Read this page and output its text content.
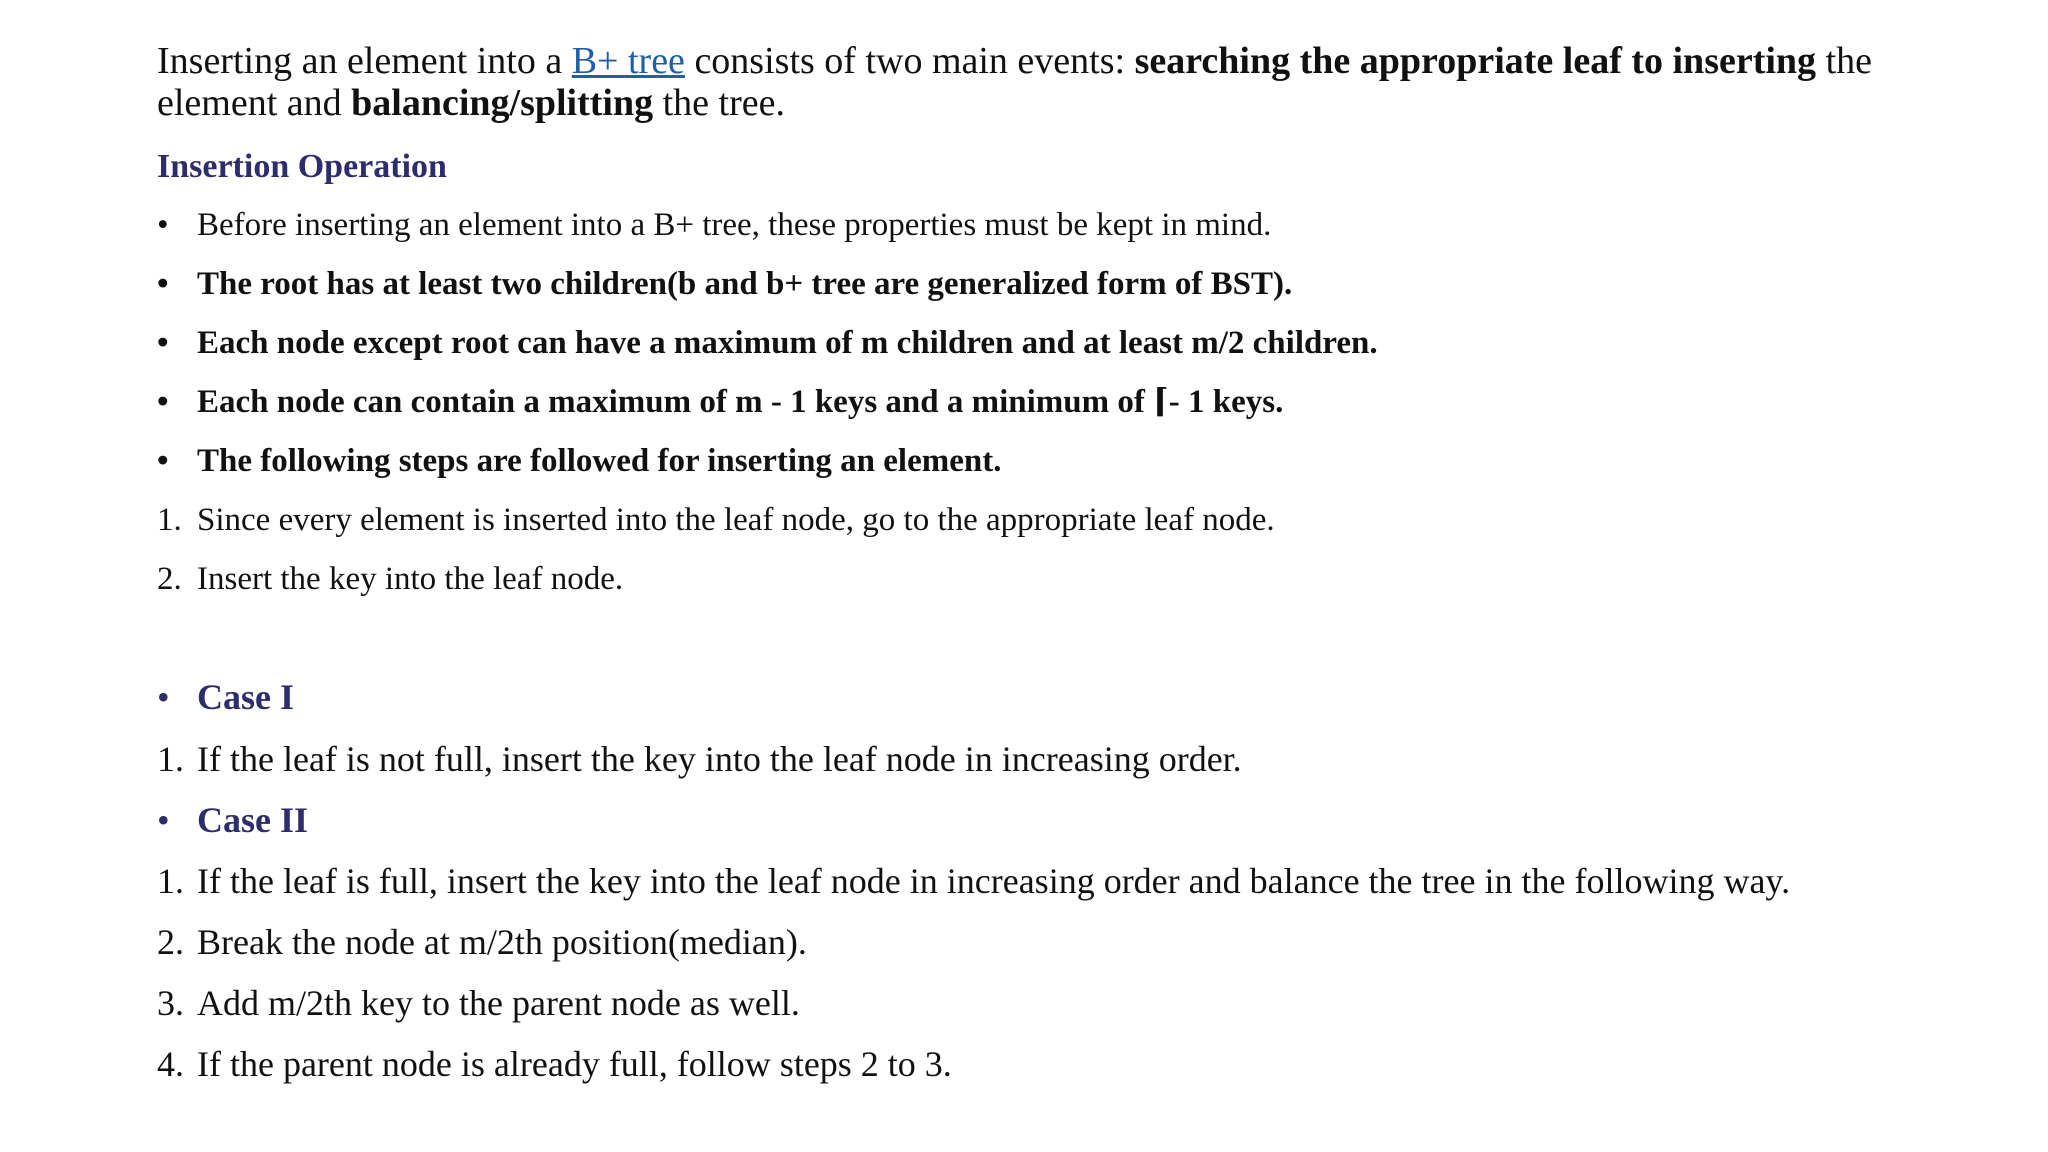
Inserting an element into a B+ tree consists of two main events: searching the appropriate leaf to inserting the element and balancing/splitting the tree.

Insertion Operation
• Before inserting an element into a B+ tree, these properties must be kept in mind.
• The root has at least two children(b and b+ tree are generalized form of BST).
• Each node except root can have a maximum of m children and at least m/2 children.
• Each node can contain a maximum of m - 1 keys and a minimum of ⌈- 1 keys.
• The following steps are followed for inserting an element.
1. Since every element is inserted into the leaf node, go to the appropriate leaf node.
2. Insert the key into the leaf node.
• Case I
1. If the leaf is not full, insert the key into the leaf node in increasing order.
• Case II
1. If the leaf is full, insert the key into the leaf node in increasing order and balance the tree in the following way.
2. Break the node at m/2th position(median).
3. Add m/2th key to the parent node as well.
4. If the parent node is already full, follow steps 2 to 3.
